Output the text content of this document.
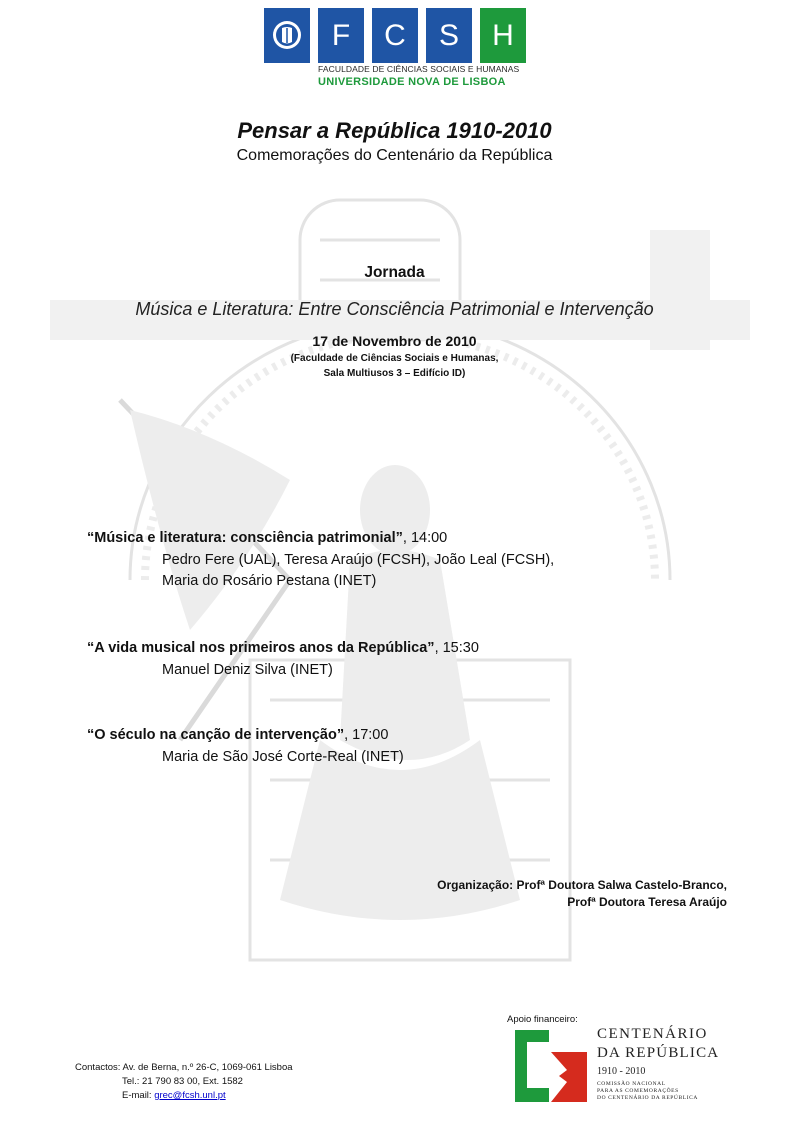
F	C	S	H
FACULDADE DE CIÊNCIAS SOCIAIS E HUMANAS
UNIVERSIDADE NOVA DE LISBOA
Pensar a República 1910-2010
Comemorações do Centenário da República
Jornada
Música e Literatura: Entre Consciência Patrimonial e Intervenção
17 de Novembro de 2010
(Faculdade de Ciências Sociais e Humanas,
Sala Multiusos 3 – Edifício ID)
“Música e literatura: consciência patrimonial”, 14:00
Pedro Fere (UAL), Teresa Araújo (FCSH), João Leal (FCSH),
Maria do Rosário Pestana (INET)
“A vida musical nos primeiros anos da República”, 15:30
Manuel Deniz Silva (INET)
“O século na canção de intervenção”, 17:00
Maria de São José Corte-Real (INET)
Organização: Profª Doutora Salwa Castelo-Branco,
Profª Doutora Teresa Araújo
Contactos: Av. de Berna, n.º 26-C, 1069-061 Lisboa
Tel.: 21 790 83 00, Ext. 1582
E-mail: grec@fcsh.unl.pt
Apoio financeiro:
CENTENÁRIO
DA REPÚBLICA
1910 - 2010
COMISSÃO NACIONAL
PARA AS COMEMORAÇÕES
DO CENTENÁRIO DA REPÚBLICA
